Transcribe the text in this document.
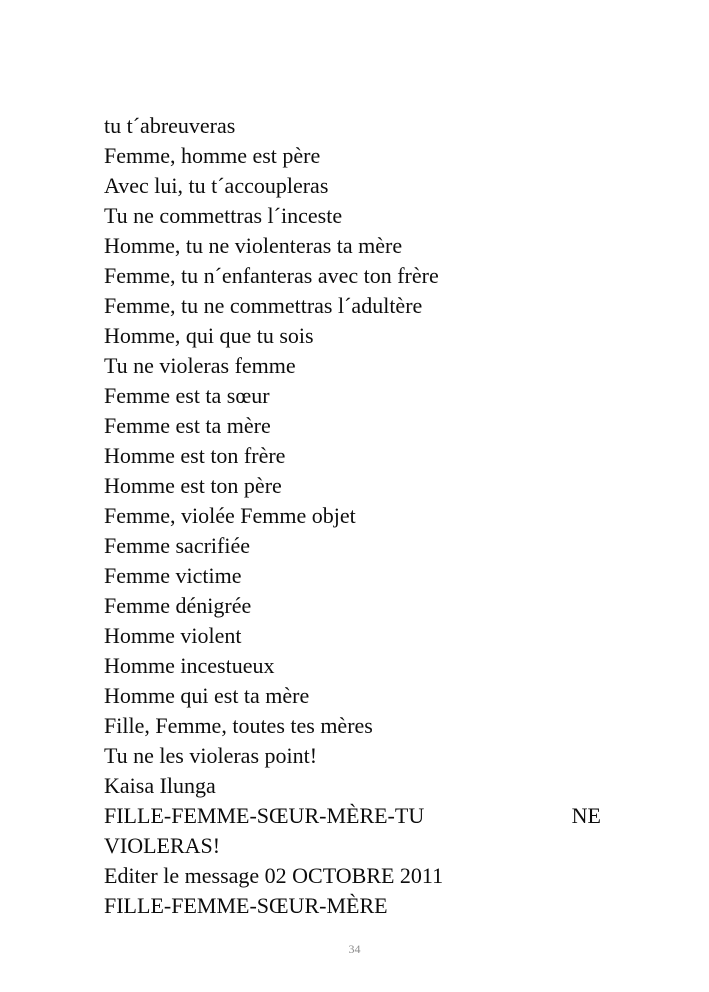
tu t´abreuveras
Femme, homme est père
Avec lui, tu t´accoupleras
Tu ne commettras l´inceste
Homme, tu ne violenteras ta mère
Femme, tu n´enfanteras avec ton frère
Femme, tu ne commettras l´adultère
Homme, qui que tu sois
Tu ne violeras femme
Femme est ta sœur
Femme est ta mère
Homme est ton frère
Homme est ton père
Femme, violée Femme objet
Femme sacrifiée
Femme victime
Femme dénigrée
Homme violent
Homme incestueux
Homme qui est ta mère
Fille, Femme, toutes tes mères
Tu ne les violeras point!
Kaisa Ilunga
FILLE-FEMME-SŒUR-MÈRE-TU	NE
VIOLERAS!
Editer le message 02 OCTOBRE 2011
FILLE-FEMME-SŒUR-MÈRE
34
